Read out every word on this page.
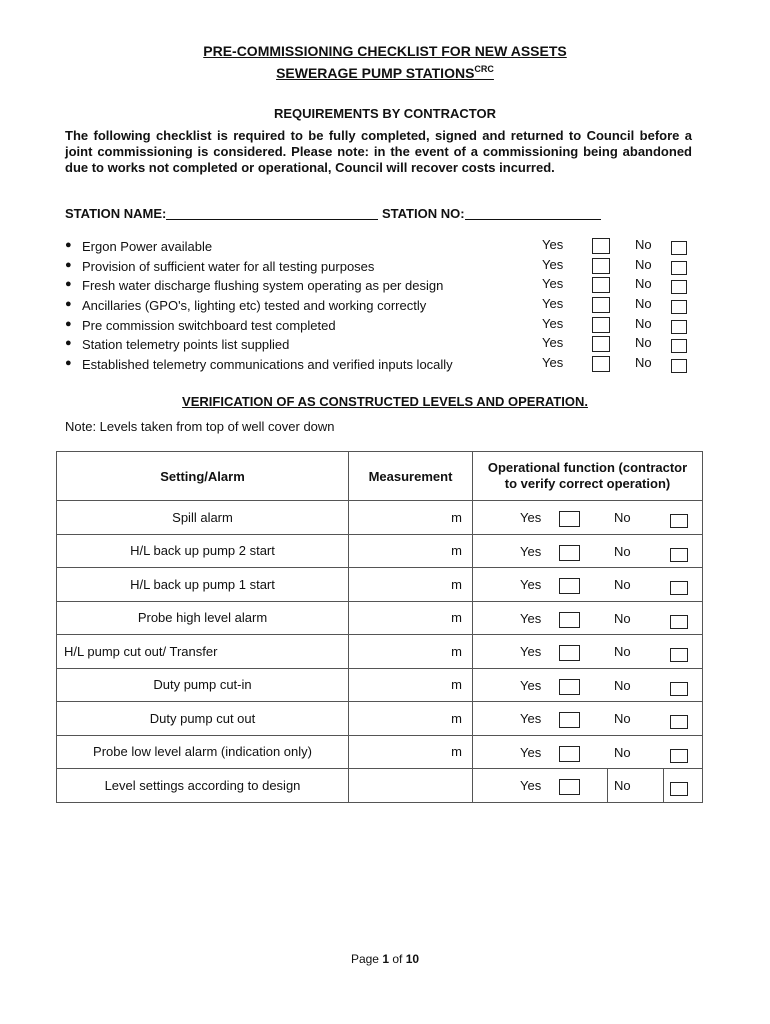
PRE-COMMISSIONING CHECKLIST FOR NEW ASSETS
SEWERAGE PUMP $STATIONS^{CRC}$
REQUIREMENTS BY CONTRACTOR
The following checklist is required to be fully completed, signed and returned to Council before a joint commissioning is considered. Please note: in the event of a commissioning being abandoned due to works not completed or operational, Council will recover costs incurred.
STATION NAME:	STATION NO:
● Ergon Power available	Yes	No
● Provision of sufficient water for all testing purposes	Yes	No
● Fresh water discharge flushing system operating as per design	Yes	No
● Ancillaries (GPO's, lighting etc) tested and working correctly	Yes	No
● Pre commission switchboard test completed	Yes	No
● Station telemetry points list supplied	Yes	No
● Established telemetry communications and verified inputs locally	Yes	No
VERIFICATION OF AS CONSTRUCTED LEVELS AND OPERATION.
Note: Levels taken from top of well cover down
Setting/Alarm	Measurement	Operational function (contractor to verify correct operation)
Spill alarm	m	Yes No

H/L back up pump 2 start	m	Yes No

H/L back up pump 1 start	m	Yes No

Probe high level alarm	m	Yes No

H/L pump cut out/ Transfer	m	Yes No

Duty pump cut-in	m	Yes No

Duty pump cut out	m	Yes No

Probe low level alarm (indication only)	m	Yes No

Level settings according to design		Yes No
Page 1 of 10
